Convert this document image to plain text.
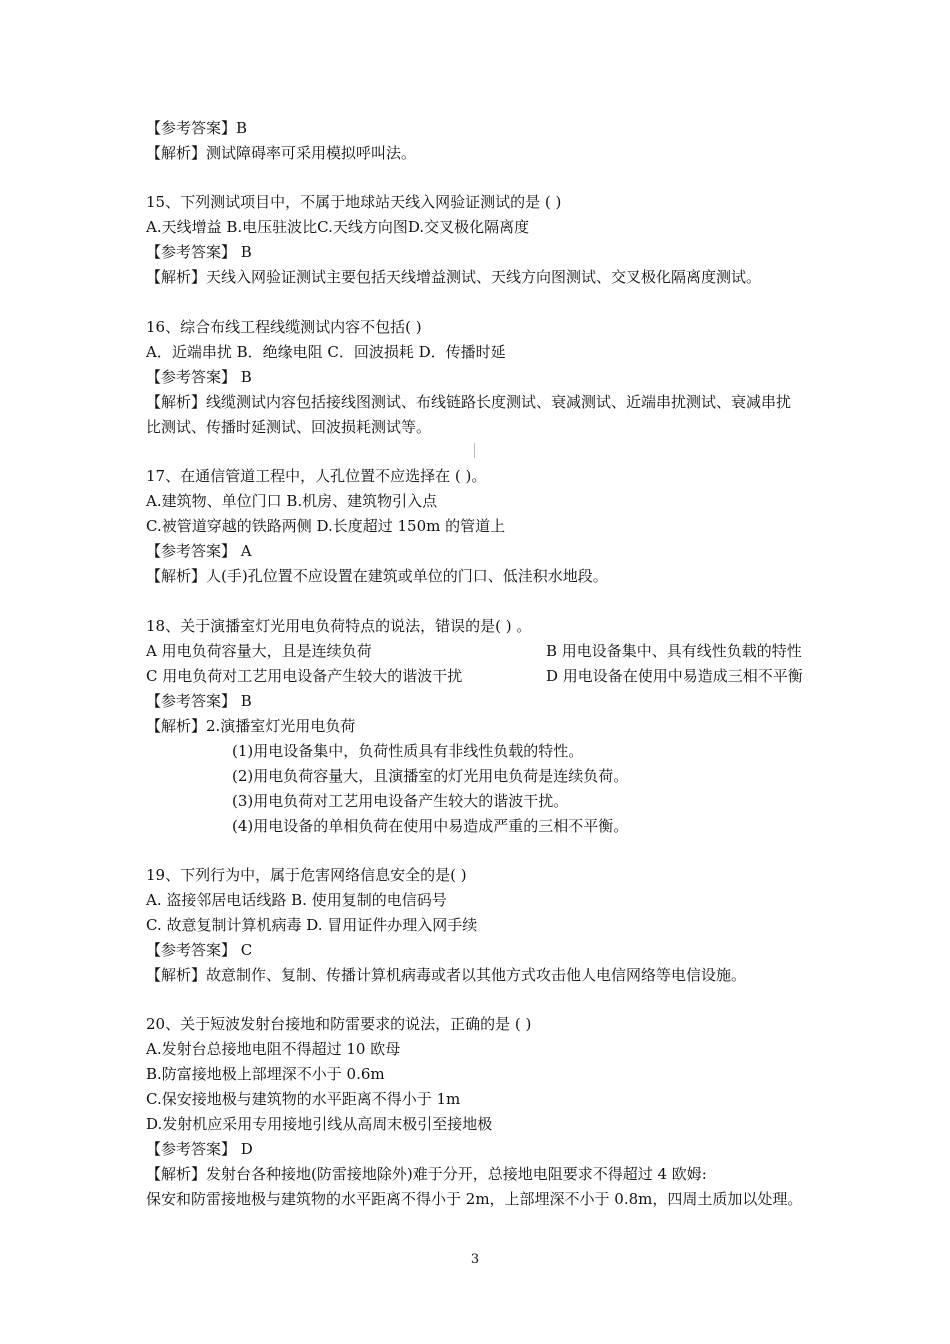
【参考答案】B
【解析】测试障碍率可采用模拟呼叫法。
15、下列测试项目中，不属于地球站天线入网验证测试的是 ( )
A.天线增益 B.电压驻波比C.天线方向图D.交叉极化隔离度
【参考答案】 B
【解析】天线入网验证测试主要包括天线增益测试、天线方向图测试、交叉极化隔离度测试。
16、综合布线工程线缆测试内容不包括( )
A．近端串扰 B．绝缘电阻 C．回波损耗 D．传播时延
【参考答案】 B
【解析】线缆测试内容包括接线图测试、布线链路长度测试、衰减测试、近端串扰测试、衰减串扰
比测试、传播时延测试、回波损耗测试等。
17、在通信管道工程中，人孔位置不应选择在 ( )。
A.建筑物、单位门口 B.机房、建筑物引入点
C.被管道穿越的铁路两侧 D.长度超过 150m 的管道上
【参考答案】 A
【解析】人(手)孔位置不应设置在建筑或单位的门口、低洼积水地段。
18、关于演播室灯光用电负荷特点的说法，错误的是( ) 。
A 用电负荷容量大，且是连续负荷	B 用电设备集中、具有线性负载的特性
C 用电负荷对工艺用电设备产生较大的谐波干扰	D 用电设备在使用中易造成三相不平衡
【参考答案】 B
【解析】2.演播室灯光用电负荷
(1)用电设备集中，负荷性质具有非线性负载的特性。
(2)用电负荷容量大，且演播室的灯光用电负荷是连续负荷。
(3)用电负荷对工艺用电设备产生较大的谐波干扰。
(4)用电设备的单相负荷在使用中易造成严重的三相不平衡。
19、下列行为中，属于危害网络信息安全的是( )
A. 盗接邻居电话线路 B. 使用复制的电信码号
C. 故意复制计算机病毒 D. 冒用证件办理入网手续
【参考答案】 C
【解析】故意制作、复制、传播计算机病毒或者以其他方式攻击他人电信网络等电信设施。
20、关于短波发射台接地和防雷要求的说法，正确的是 ( )
A.发射台总接地电阻不得超过 10 欧母
B.防富接地极上部埋深不小于 0.6m
C.保安接地极与建筑物的水平距离不得小于 1m
D.发射机应采用专用接地引线从高周末极引至接地极
【参考答案】 D
【解析】发射台各种接地(防雷接地除外)难于分开，总接地电阻要求不得超过 4 欧姆:
保安和防雷接地极与建筑物的水平距离不得小于 2m，上部埋深不小于 0.8m，四周土质加以处理。
3
